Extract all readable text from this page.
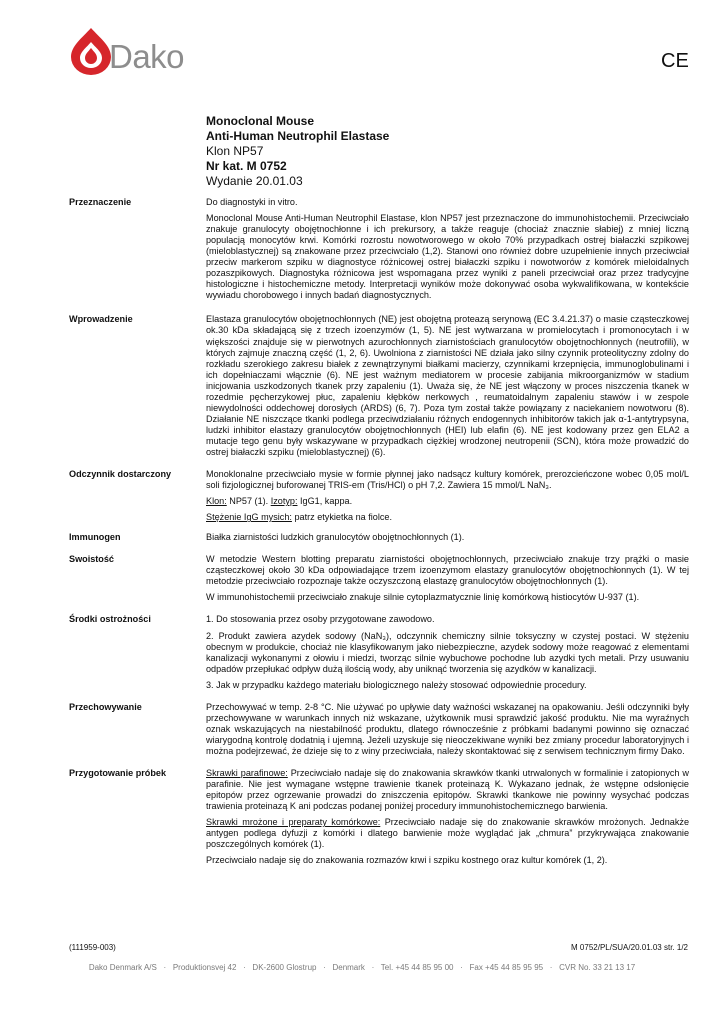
Dako	CE
Monoclonal Mouse
Anti-Human Neutrophil Elastase
Klon NP57
Nr kat. M 0752
Wydanie 20.01.03
Przeznaczenie	Do diagnostyki in vitro.

Monoclonal Mouse Anti-Human Neutrophil Elastase, klon NP57 jest przeznaczone do immunohistochemii. Przeciwciało znakuje granulocyty obojętnochłonne i ich prekursory, a także reaguje (chociaż znacznie słabiej) z mniej liczną populacją monocytów krwi. Komórki rozrostu nowotworowego w około 70% przypadkach ostrej białaczki szpikowej (mieloblastycznej) są znakowane przez przeciwciało (1,2). Stanowi ono również dobre uzupełnienie innych przeciwciał przeciw markerom szpiku w diagnostyce różnicowej ostrej białaczki szpiku i nowotworów z komórek mieloidalnych pozaszpikowych. Diagnostyka różnicowa jest wspomagana przez wyniki z paneli przeciwciał oraz przez tradycyjne histologiczne i histochemiczne metody. Interpretacji wyników może dokonywać osoba wykwalifikowana, w kontekście wywiadu chorobowego i innych badań diagnostycznych.

Wprowadzenie	Elastaza granulocytów obojętnochłonnych (NE) jest obojętną proteazą serynową (EC 3.4.21.37) o masie cząsteczkowej ok.30 kDa składającą się z trzech izoenzymów (1, 5). NE jest wytwarzana w promielocytach i promonocytach i w większości znajduje się w pierwotnych azurochłonnych ziarnistościach granulocytów obojętnochłonnych (neutrofili), w których zajmuje znaczną część (1, 2, 6). Uwolniona z ziarnistości NE działa jako silny czynnik proteolityczny zdolny do rozkładu szerokiego zakresu białek z zewnątrzynymi białkami macierzy, czynnikami krzepnięcia, immunoglobulinami i ich dopełniaczami włącznie (6). NE jest ważnym mediatorem w procesie zabijania mikroorganizmów w stadium inicjowania uszkodzonych tkanek przy zapaleniu (1). Uważa się, że NE jest włączony w proces niszczenia tkanek w rozedmie pęcherzykowej płuc, zapaleniu kłębków nerkowych , reumatoidalnym zapaleniu stawów i w zespole niewydolności oddechowej dorosłych (ARDS) (6, 7). Poza tym został także powiązany z naciekaniem nowotworu (8). Działanie NE niszczące tkanki podlega przeciwdziałaniu różnych endogennych inhibitorów takich jak α-1-antytrypsyna, ludzki inhibitor elastazy granulocytów obojętnochłonnych (HEI) lub elafin (6). NE jest kodowany przez gen ELA2 a mutacje tego genu były wskazywane w przypadkach ciężkiej wrodzonej neutropenii (SCN), która może prowadzić do ostrej białaczki szpiku (mieloblastycznej) (6).

Odczynnik dostarczony	Monoklonalne przeciwciało mysie w formie płynnej jako nadsącz kultury komórek, prerozcieńczone wobec 0,05 mol/L soli fizjologicznej buforowanej TRIS-em (Tris/HCl) o pH 7,2. Zawiera 15 mmol/L NaN₃.

Klon: NP57 (1). Izotyp: IgG1, kappa.

Stężenie IgG mysich: patrz etykietka na fiolce.

Immunogen	Białka ziarnistości ludzkich granulocytów obojętnochłonnych (1).

Swoistość	W metodzie Western blotting preparatu ziarnistości obojętnochłonnych, przeciwciało znakuje trzy prążki o masie cząsteczkowej około 30 kDa odpowiadające trzem izoenzymom elastazy granulocytów obojętnochłonnych (1). W tej metodzie przeciwciało rozpoznaje także oczyszczoną elastazę granulocytów obojętnochłonnych (1).

W immunohistochemii przeciwciało znakuje silnie cytoplazmatycznie linię komórkową histiocytów U-937 (1).

Środki ostrożności	1. Do stosowania przez osoby przygotowane zawodowo.

2. Produkt zawiera azydek sodowy (NaN₃), odczynnik chemiczny silnie toksyczny w czystej postaci. W stężeniu obecnym w produkcie, chociaż nie klasyfikowanym jako niebezpieczne, azydek sodowy może reagować z elementami kanalizacji wykonanymi z ołowiu i miedzi, tworząc silnie wybuchowe pochodne lub azydki tych metali. Przy usuwaniu odpadów przepłukać odpływ dużą ilością wody, aby uniknąć tworzenia się azydków w kanalizacji.

3. Jak w przypadku każdego materiału biologicznego należy stosować odpowiednie procedury.

Przechowywanie	Przechowywać w temp. 2-8 °C. Nie używać po upływie daty ważności wskazanej na opakowaniu. Jeśli odczynniki były przechowywane w warunkach innych niż wskazane, użytkownik musi sprawdzić jakość produktu. Nie ma wyraźnych oznak wskazujących na niestabilność produktu, dlatego równocześnie z próbkami badanymi powinno się oznaczać wiarygodną kontrolę dodatnią i ujemną. Jeżeli uzyskuje się nieoczekiwane wyniki bez zmiany procedur laboratoryjnych i można podejrzewać, że dzieje się to z winy przeciwciała, należy skontaktować się z serwisem technicznym firmy Dako.

Przygotowanie próbek	Skrawki parafinowe: Przeciwciało nadaje się do znakowania skrawków tkanki utrwalonych w formalinie i zatopionych w parafinie. Nie jest wymagane wstępne trawienie tkanek proteinazą K. Wykazano jednak, że wstępne odsłonięcie epitopów przez ogrzewanie prowadzi do zniszczenia epitopów. Skrawki tkankowe nie powinny wysychać podczas trawienia proteinazą K ani podczas podanej poniżej procedury immunohistochemicznego barwienia.

Skrawki mrożone i preparaty komórkowe: Przeciwciało nadaje się do znakowanie skrawków mrożonych. Jednakże antygen podlega dyfuzji z komórki i dlatego barwienie może wyglądać jak „chmura” przykrywająca znakowanie poszczególnych komórek (1).

Przeciwciało nadaje się do znakowania rozmazów krwi i szpiku kostnego oraz kultur komórek (1, 2).

(111959-003)	M 0752/PL/SUA/20.01.03 str. 1/2
Dako Denmark A/S   ·   Produktionsvej 42   ·   DK-2600 Glostrup   ·   Denmark   ·   Tel. +45 44 85 95 00   ·   Fax +45 44 85 95 95   ·   CVR No. 33 21 13 17
